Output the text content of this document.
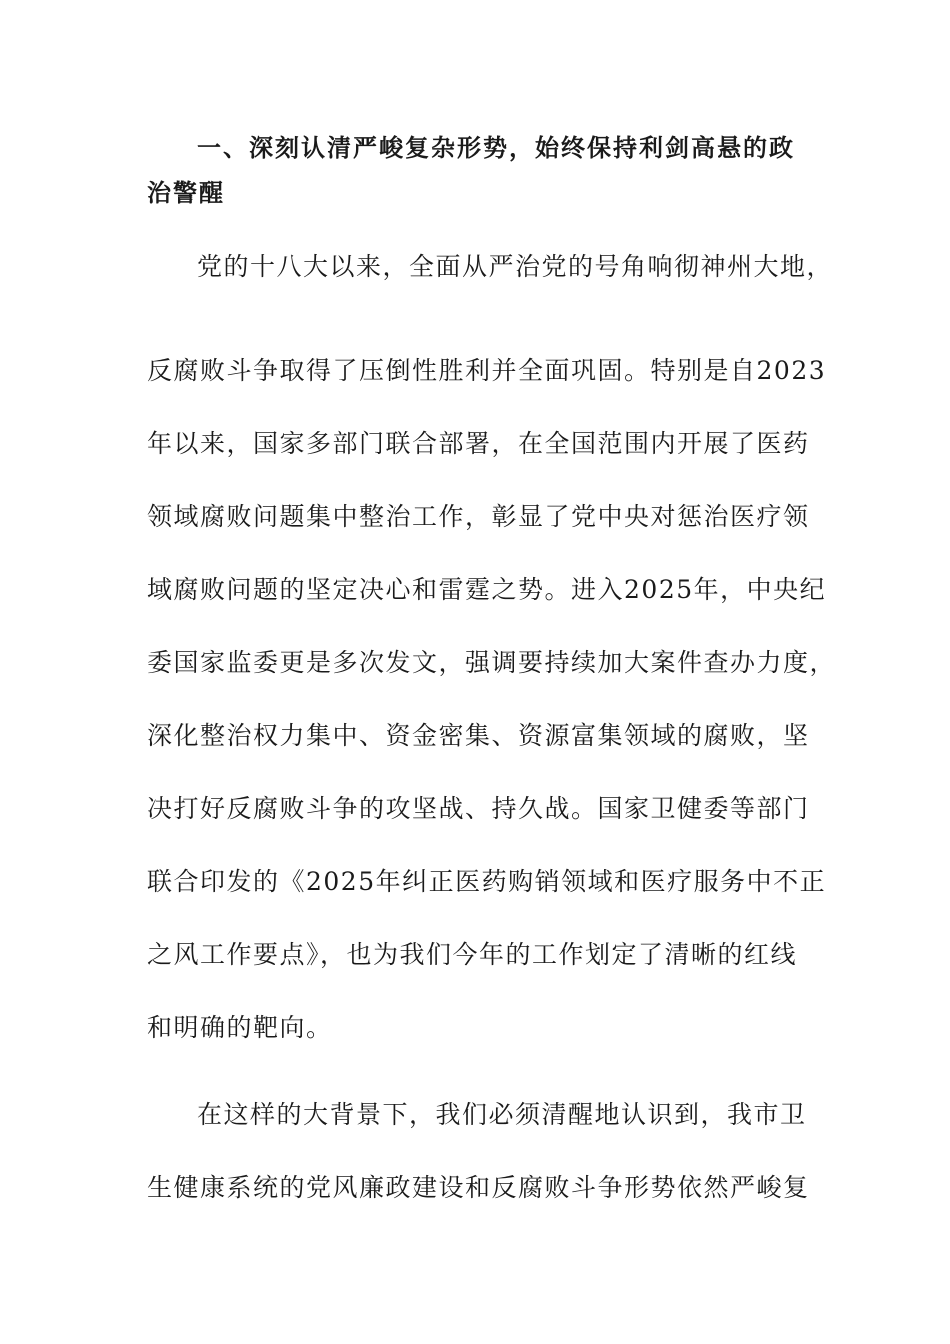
一、深刻认清严峻复杂形势，始终保持利剑高悬的政
治警醒
党的十八大以来，全面从严治党的号角响彻神州大地，
反腐败斗争取得了压倒性胜利并全面巩固。特别是自2023
年以来，国家多部门联合部署，在全国范围内开展了医药
领域腐败问题集中整治工作，彰显了党中央对惩治医疗领
域腐败问题的坚定决心和雷霆之势。进入2025年，中央纪
委国家监委更是多次发文，强调要持续加大案件查办力度，
深化整治权力集中、资金密集、资源富集领域的腐败，坚
决打好反腐败斗争的攻坚战、持久战。国家卫健委等部门
联合印发的《2025年纠正医药购销领域和医疗服务中不正
之风工作要点》，也为我们今年的工作划定了清晰的红线
和明确的靶向。
在这样的大背景下，我们必须清醒地认识到，我市卫
生健康系统的党风廉政建设和反腐败斗争形势依然严峻复
